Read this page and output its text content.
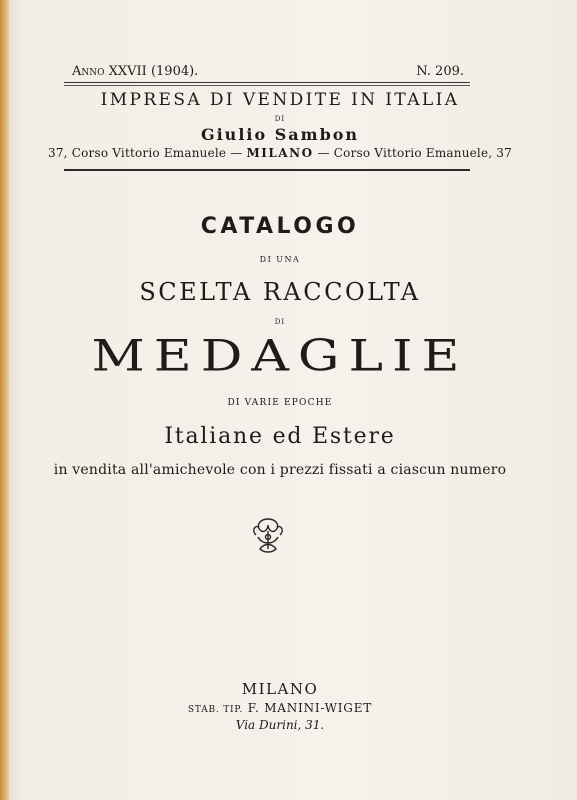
Anno XXVII (1904).	N. 209.
IMPRESA DI VENDITE IN ITALIA
DI
Giulio Sambon
37, Corso Vittorio Emanuele — MILANO — Corso Vittorio Emanuele, 37
CATALOGO
DI UNA
SCELTA RACCOLTA
DI
MEDAGLIE
DI VARIE EPOCHE
Italiane ed Estere
in vendita all'amichevole con i prezzi fissati a ciascun numero
MILANO
STAB. TIP. F. MANINI-WIGET
Via Durini, 31.
